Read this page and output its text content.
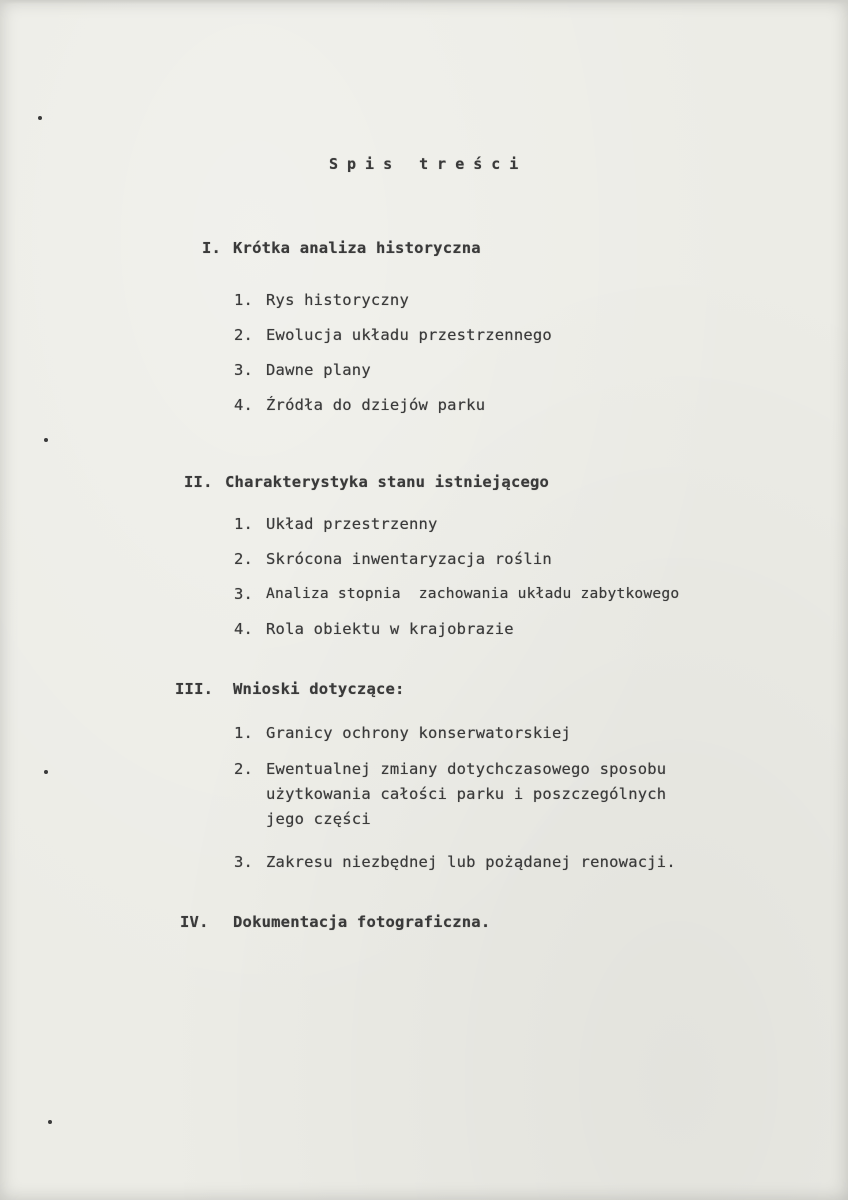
Spis treści
I. Krótka analiza historyczna
1. Rys historyczny
2. Ewolucja układu przestrzennego
3. Dawne plany
4. Źródła do dziejów parku
II. Charakterystyka stanu istniejącego
1. Układ przestrzenny
2. Skrócona inwentaryzacja roślin
3. Analiza stopnia  zachowania układu zabytkowego
4. Rola obiektu w krajobrazie
III. Wnioski dotyczące:
1. Granicy ochrony konserwatorskiej
2. Ewentualnej zmiany dotychczasowego sposobu
użytkowania całości parku i poszczególnych
jego części
3. Zakresu niezbędnej lub pożądanej renowacji.
IV. Dokumentacja fotograficzna.
